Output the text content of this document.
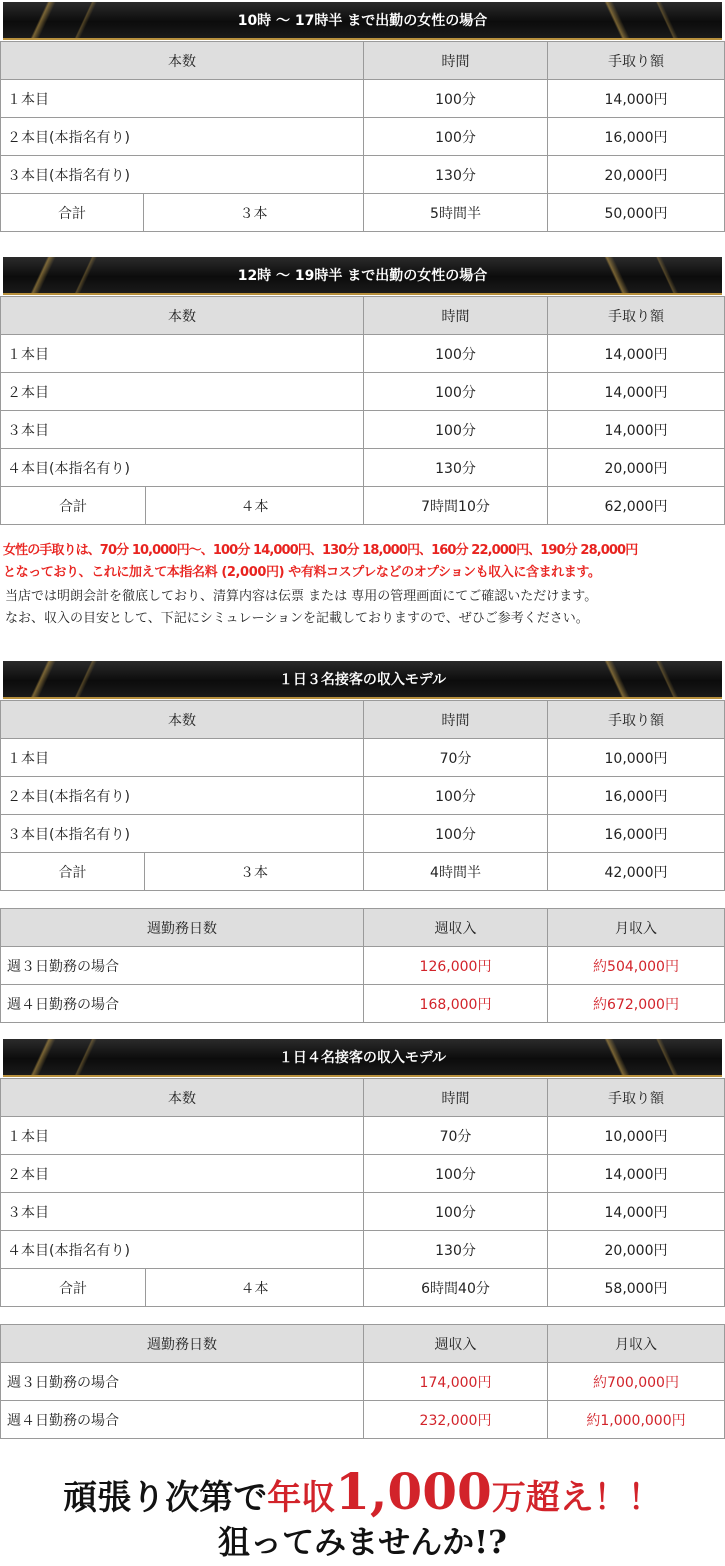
10時 〜 17時半 まで出勤の女性の場合
本数		時間	手取り額
１本目		100分	14,000円
２本目(本指名有り)		100分	16,000円
３本目(本指名有り)		130分	20,000円
合計	３本	5時間半	50,000円
12時 〜 19時半 まで出勤の女性の場合
本数		時間	手取り額
１本目		100分	14,000円
２本目		100分	14,000円
３本目		100分	14,000円
４本目(本指名有り)		130分	20,000円
合計	４本	7時間10分	62,000円
女性の手取りは、70分 10,000円〜、100分 14,000円、130分 18,000円、160分 22,000円、190分 28,000円
となっており、これに加えて本指名料 (2,000円) や有料コスプレなどのオプションも収入に含まれます。
当店では明朗会計を徹底しており、清算内容は伝票 または 専用の管理画面にてご確認いただけます。
なお、収入の目安として、下記にシミュレーションを記載しておりますので、ぜひご参考ください。
１日３名接客の収入モデル
本数		時間	手取り額
１本目		70分	10,000円
２本目(本指名有り)		100分	16,000円
３本目(本指名有り)		100分	16,000円
合計	３本	4時間半	42,000円
週勤務日数	週収入	月収入
週３日勤務の場合	126,000円	約504,000円
週４日勤務の場合	168,000円	約672,000円
１日４名接客の収入モデル
本数		時間	手取り額
１本目		70分	10,000円
２本目		100分	14,000円
３本目		100分	14,000円
４本目(本指名有り)		130分	20,000円
合計	４本	6時間40分	58,000円
週勤務日数	週収入	月収入
週３日勤務の場合	174,000円	約700,000円
週４日勤務の場合	232,000円	約1,000,000円
頑張り次第で年収1,000万超え！！
狙ってみませんか!?
